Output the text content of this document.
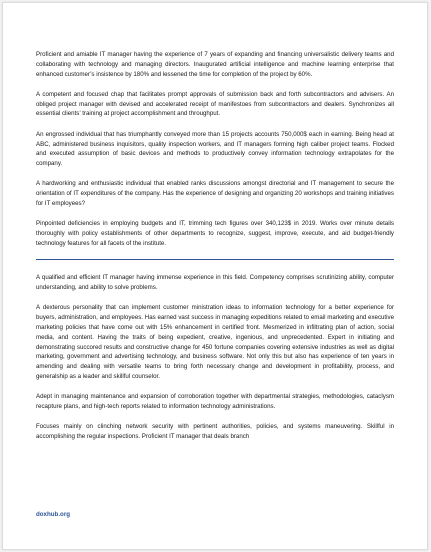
Proficient and amiable IT manager having the experience of 7 years of expanding and financing universalistic delivery teams and collaborating with technology and managing directors. Inaugurated artificial intelligence and machine learning enterprise that enhanced customer’s insistence by 180% and lessened the time for completion of the project by 60%.

A competent and focused chap that facilitates prompt approvals of submission back and forth subcontractors and advisers. An obliged project manager with devised and accelerated receipt of manifestoes from subcontractors and dealers. Synchronizes all essential clients’ training at project accomplishment and throughput.

An engrossed individual that has triumphantly conveyed more than 15 projects accounts 750,000$ each in earning. Being head at ABC, administered business inquisitors, quality inspection workers, and IT managers forming high caliber project teams. Flocked and executed assumption of basic devices and methods to productively convey information technology extrapolates for the company.

A hardworking and enthusiastic individual that enabled ranks discussions amongst directorial and IT management to secure the orientation of IT expenditures of the company. Has the experience of designing and organizing 20 workshops and training initiatives for IT employees?

Pinpointed deficiencies in employing budgets and IT, trimming tech figures over 340,123$ in 2019. Works over minute details thoroughly with policy establishments of other departments to recognize, suggest, improve, execute, and aid budget-friendly technology features for all facets of the institute.

A qualified and efficient IT manager having immense experience in this field. Competency comprises scrutinizing ability, computer understanding, and ability to solve problems.

A dexterous personality that can implement customer ministration ideas to information technology for a better experience for buyers, administration, and employees. Has earned vast success in managing expeditions related to email marketing and executive marketing policies that have come out with 15% enhancement in certified front. Mesmerized in infiltrating plan of action, social media, and content. Having the traits of being expedient, creative, ingenious, and unprecedented. Expert in initiating and demonstrating succored results and constructive change for 450 fortune companies covering extensive industries as well as digital marketing, government and advertising technology, and business software. Not only this but also has experience of ten years in amending and dealing with versatile teams to bring forth necessary change and development in profitability, process, and generalship as a leader and skillful counselor.

Adept in managing maintenance and expansion of corroboration together with departmental strategies, methodologies, cataclysm recapture plans, and high-tech reports related to information technology administrations.

Focuses mainly on clinching network security with pertinent authorities, policies, and systems maneuvering. Skillful in accomplishing the regular inspections. Proficient IT manager that deals branch

doxhub.org
